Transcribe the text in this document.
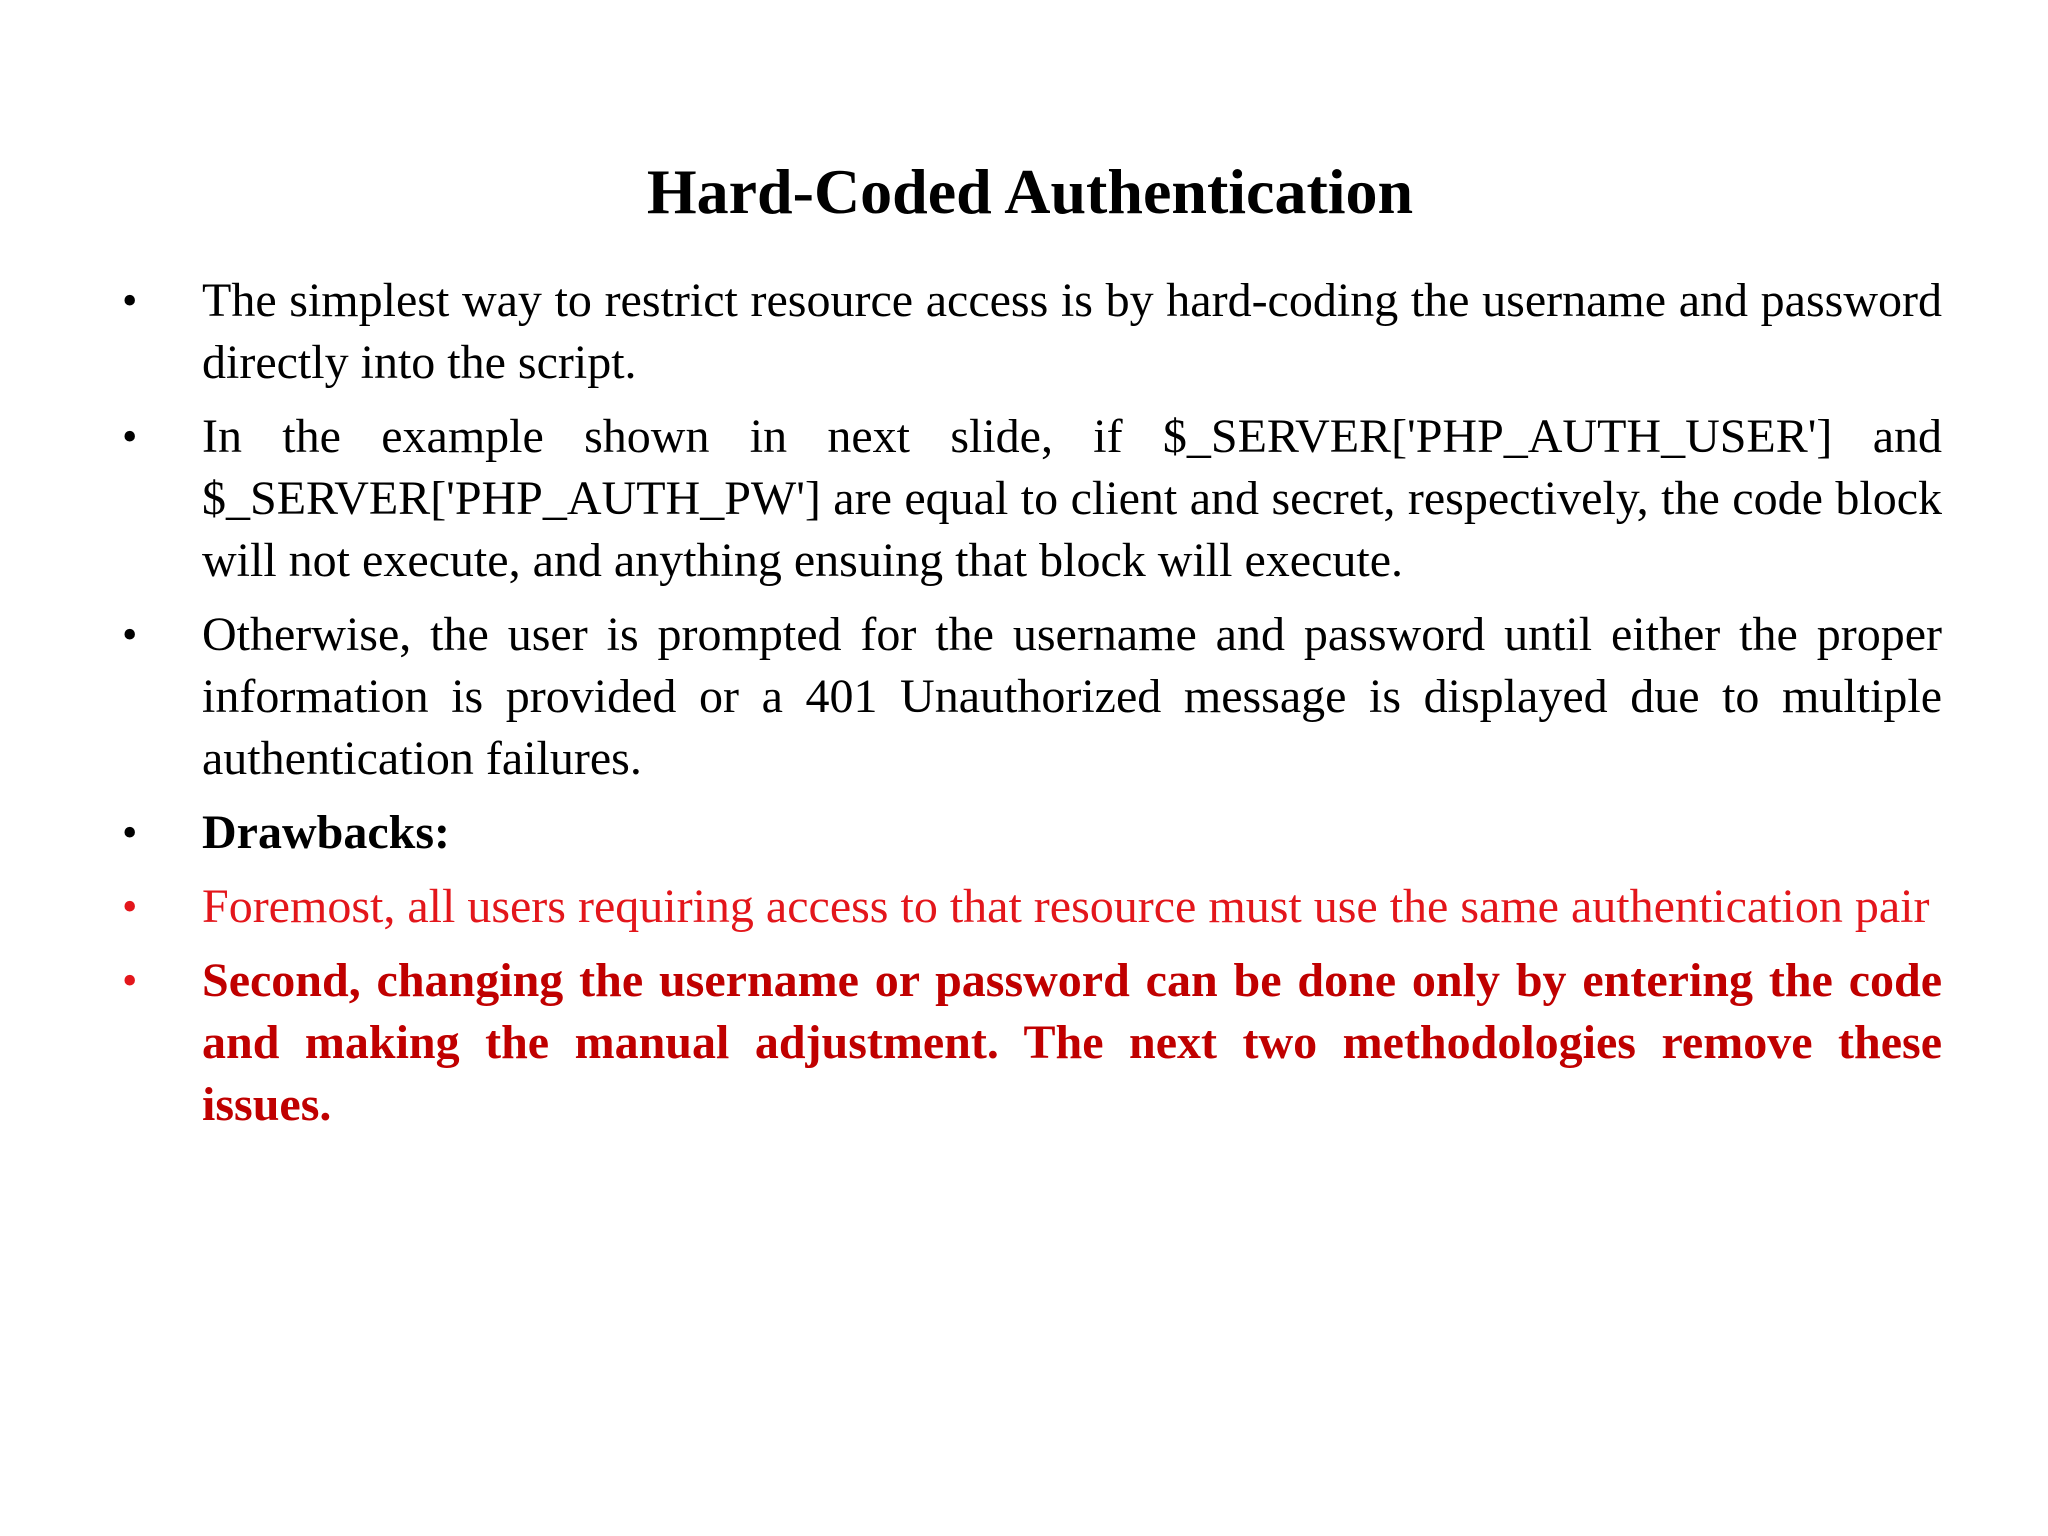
Hard-Coded Authentication
• The simplest way to restrict resource access is by hard-coding the username and password directly into the script.
• In the example shown in next slide, if $_SERVER['PHP_AUTH_USER'] and $_SERVER['PHP_AUTH_PW'] are equal to client and secret, respectively, the code block will not execute, and anything ensuing that block will execute.
• Otherwise, the user is prompted for the username and password until either the proper information is provided or a 401 Unauthorized message is displayed due to multiple authentication failures.
• Drawbacks:
• Foremost, all users requiring access to that resource must use the same authentication pair
• Second, changing the username or password can be done only by entering the code and making the manual adjustment. The next two methodologies remove these issues.
